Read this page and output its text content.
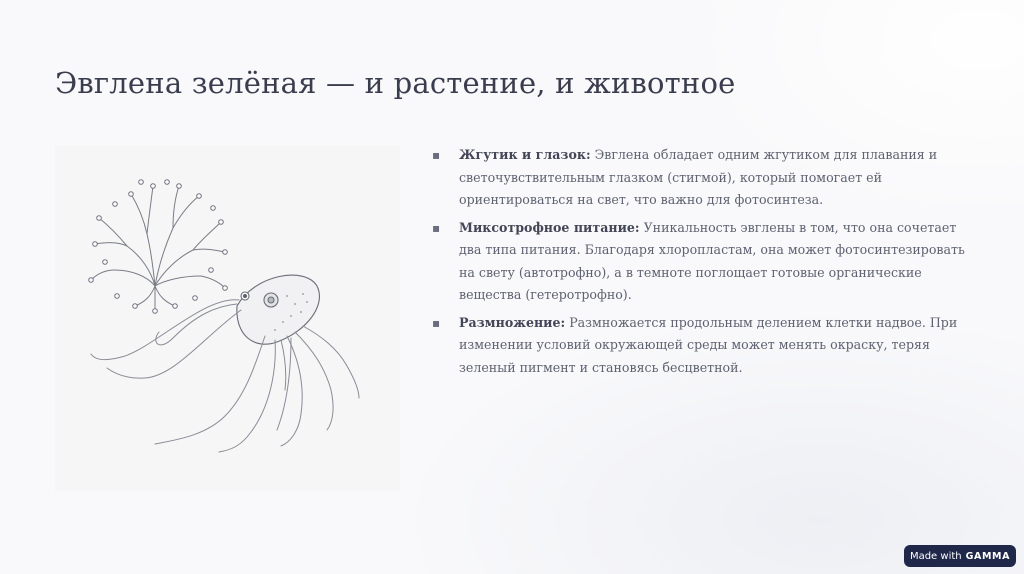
Эвглена зелёная — и растение, и животное
▪ Жгутик и глазок: Эвглена обладает одним жгутиком для плавания и светочувствительным глазком (стигмой), который помогает ей ориентироваться на свет, что важно для фотосинтеза.
▪ Миксотрофное питание: Уникальность эвглены в том, что она сочетает два типа питания. Благодаря хлоропластам, она может фотосинтезировать на свету (автотрофно), а в темноте поглощает готовые органические вещества (гетеротрофно).
▪ Размножение: Размножается продольным делением клетки надвое. При изменении условий окружающей среды может менять окраску, теряя зеленый пигмент и становясь бесцветной.
Made with GAMMA
